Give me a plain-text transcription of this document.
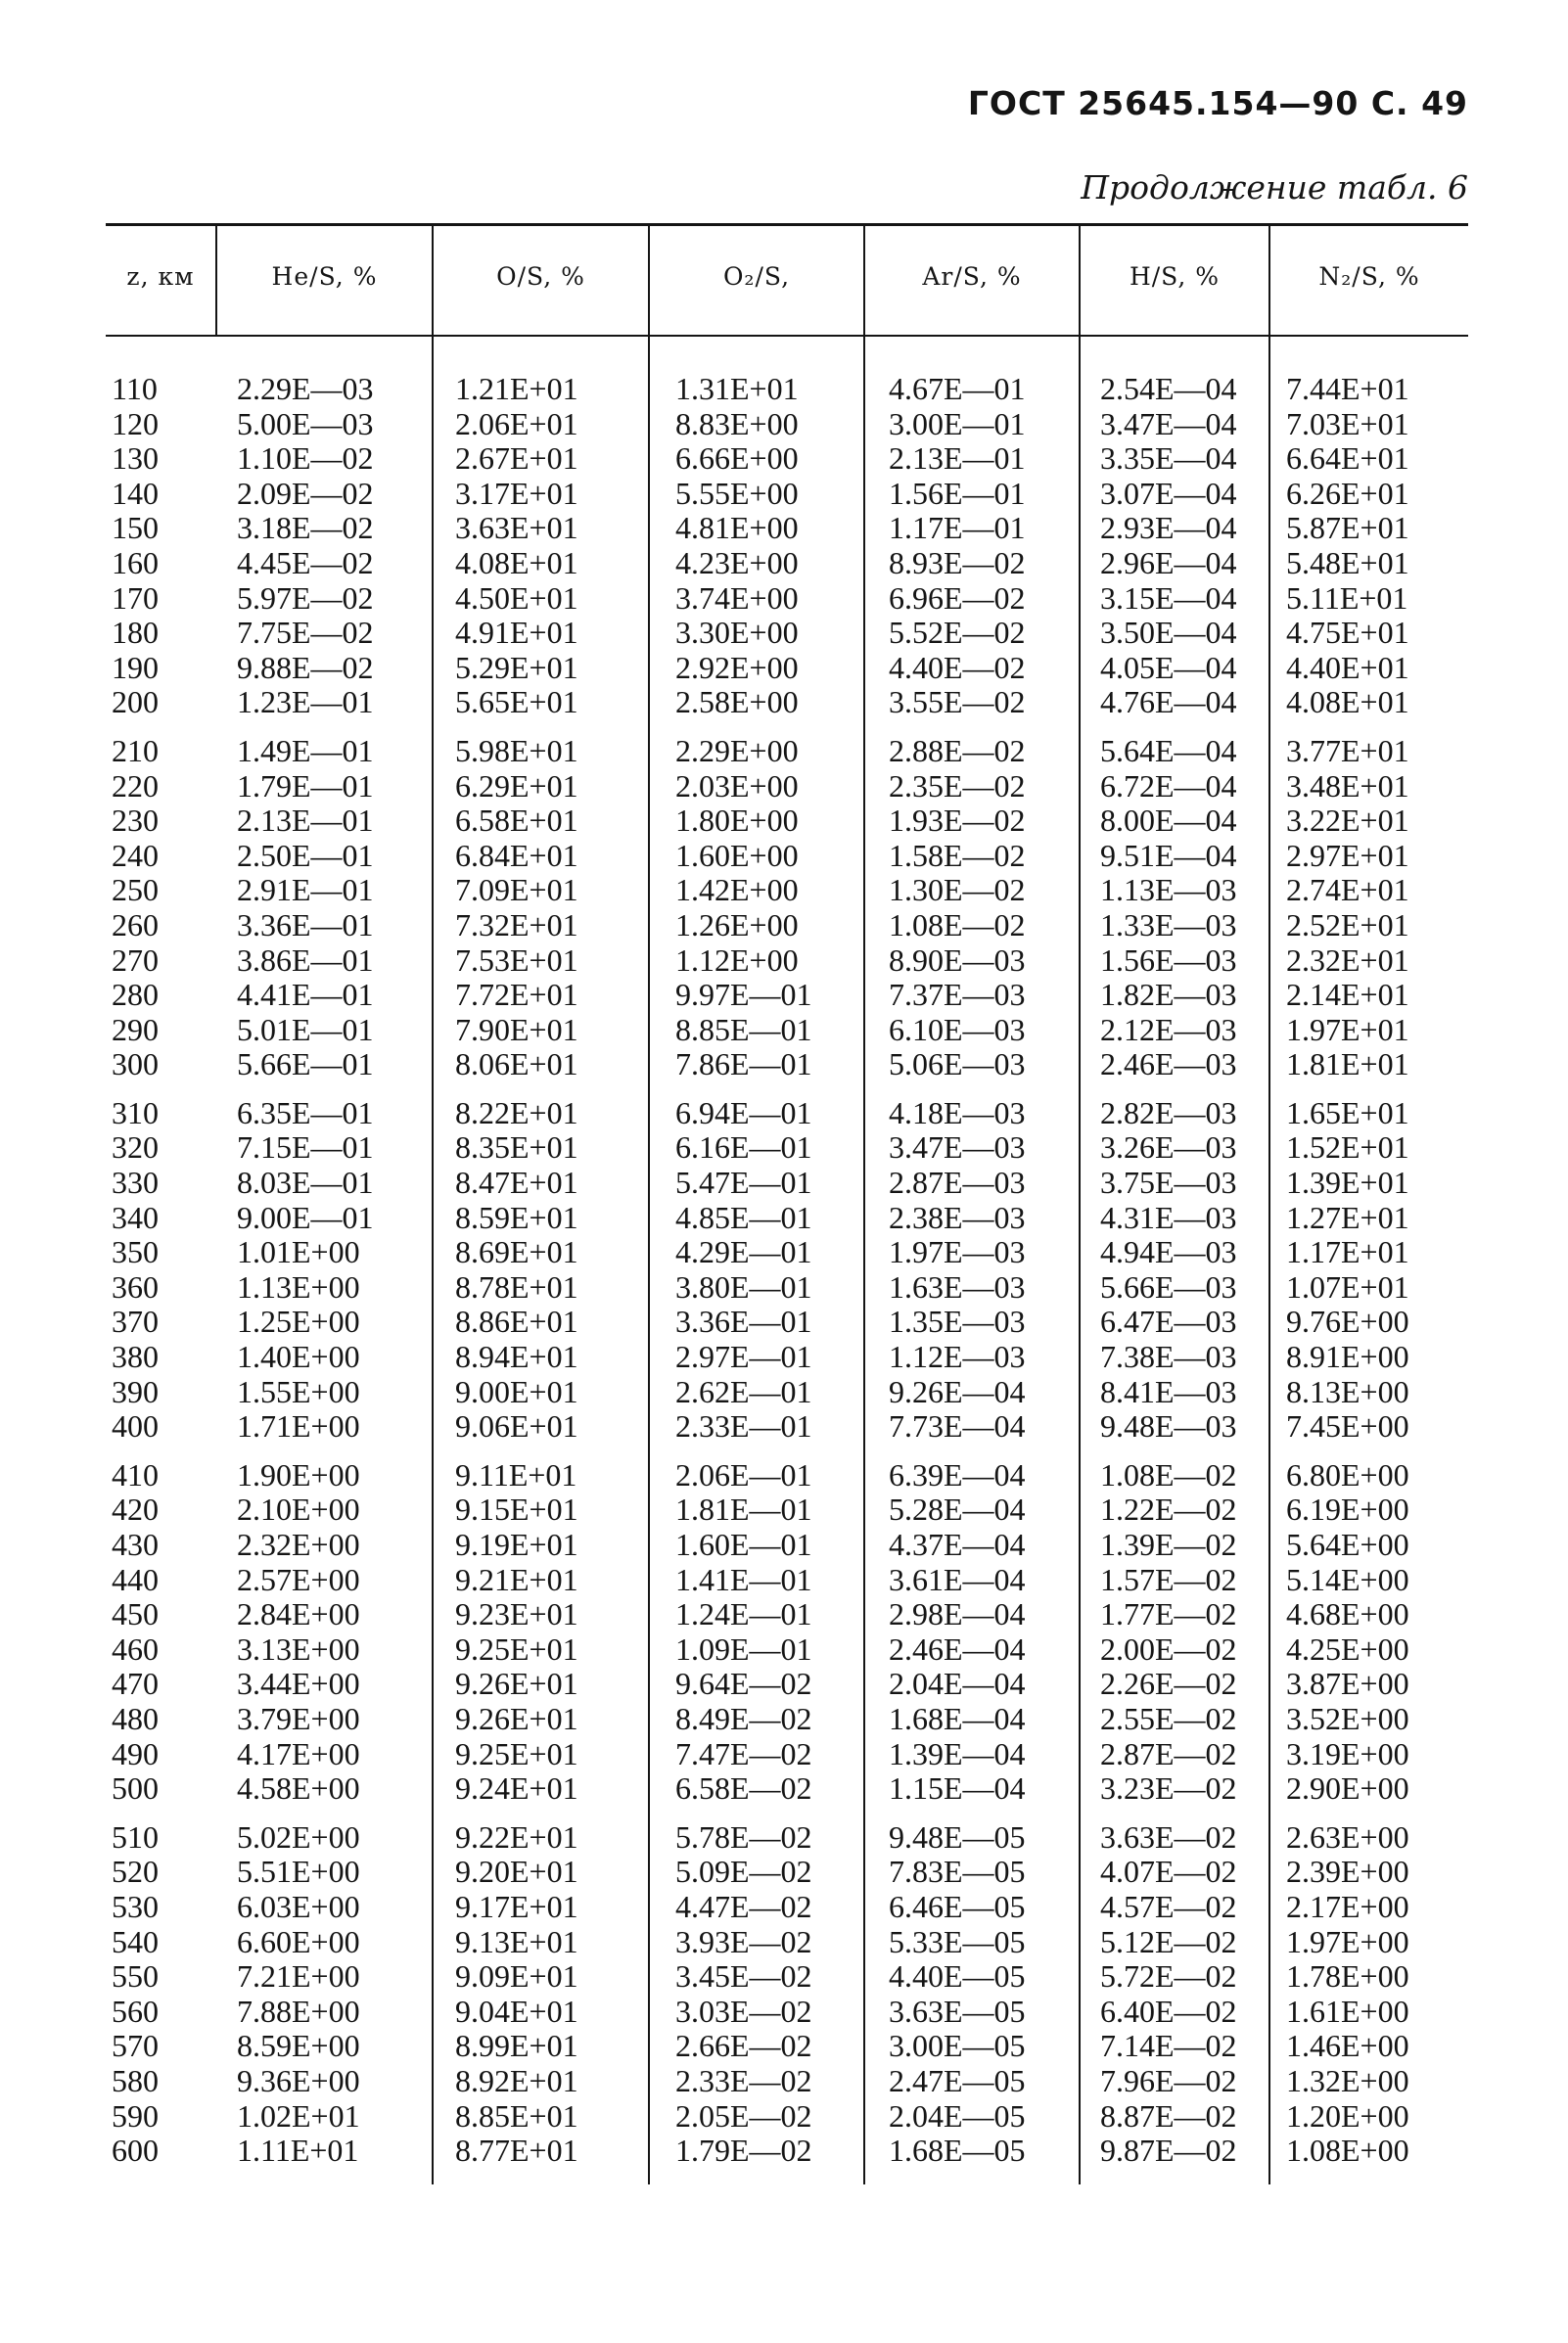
ГОСТ 25645.154—90 С. 49
Продолжение табл. 6
z, км	He/S, %	O/S, %	O₂/S,	Ar/S, %	H/S, %	N₂/S, %
110	2.29E—03	1.21E+01	1.31E+01	4.67E—01	2.54E—04	7.44E+01
120	5.00E—03	2.06E+01	8.83E+00	3.00E—01	3.47E—04	7.03E+01
130	1.10E—02	2.67E+01	6.66E+00	2.13E—01	3.35E—04	6.64E+01
140	2.09E—02	3.17E+01	5.55E+00	1.56E—01	3.07E—04	6.26E+01
150	3.18E—02	3.63E+01	4.81E+00	1.17E—01	2.93E—04	5.87E+01
160	4.45E—02	4.08E+01	4.23E+00	8.93E—02	2.96E—04	5.48E+01
170	5.97E—02	4.50E+01	3.74E+00	6.96E—02	3.15E—04	5.11E+01
180	7.75E—02	4.91E+01	3.30E+00	5.52E—02	3.50E—04	4.75E+01
190	9.88E—02	5.29E+01	2.92E+00	4.40E—02	4.05E—04	4.40E+01
200	1.23E—01	5.65E+01	2.58E+00	3.55E—02	4.76E—04	4.08E+01
210	1.49E—01	5.98E+01	2.29E+00	2.88E—02	5.64E—04	3.77E+01
220	1.79E—01	6.29E+01	2.03E+00	2.35E—02	6.72E—04	3.48E+01
230	2.13E—01	6.58E+01	1.80E+00	1.93E—02	8.00E—04	3.22E+01
240	2.50E—01	6.84E+01	1.60E+00	1.58E—02	9.51E—04	2.97E+01
250	2.91E—01	7.09E+01	1.42E+00	1.30E—02	1.13E—03	2.74E+01
260	3.36E—01	7.32E+01	1.26E+00	1.08E—02	1.33E—03	2.52E+01
270	3.86E—01	7.53E+01	1.12E+00	8.90E—03	1.56E—03	2.32E+01
280	4.41E—01	7.72E+01	9.97E—01	7.37E—03	1.82E—03	2.14E+01
290	5.01E—01	7.90E+01	8.85E—01	6.10E—03	2.12E—03	1.97E+01
300	5.66E—01	8.06E+01	7.86E—01	5.06E—03	2.46E—03	1.81E+01
310	6.35E—01	8.22E+01	6.94E—01	4.18E—03	2.82E—03	1.65E+01
320	7.15E—01	8.35E+01	6.16E—01	3.47E—03	3.26E—03	1.52E+01
330	8.03E—01	8.47E+01	5.47E—01	2.87E—03	3.75E—03	1.39E+01
340	9.00E—01	8.59E+01	4.85E—01	2.38E—03	4.31E—03	1.27E+01
350	1.01E+00	8.69E+01	4.29E—01	1.97E—03	4.94E—03	1.17E+01
360	1.13E+00	8.78E+01	3.80E—01	1.63E—03	5.66E—03	1.07E+01
370	1.25E+00	8.86E+01	3.36E—01	1.35E—03	6.47E—03	9.76E+00
380	1.40E+00	8.94E+01	2.97E—01	1.12E—03	7.38E—03	8.91E+00
390	1.55E+00	9.00E+01	2.62E—01	9.26E—04	8.41E—03	8.13E+00
400	1.71E+00	9.06E+01	2.33E—01	7.73E—04	9.48E—03	7.45E+00
410	1.90E+00	9.11E+01	2.06E—01	6.39E—04	1.08E—02	6.80E+00
420	2.10E+00	9.15E+01	1.81E—01	5.28E—04	1.22E—02	6.19E+00
430	2.32E+00	9.19E+01	1.60E—01	4.37E—04	1.39E—02	5.64E+00
440	2.57E+00	9.21E+01	1.41E—01	3.61E—04	1.57E—02	5.14E+00
450	2.84E+00	9.23E+01	1.24E—01	2.98E—04	1.77E—02	4.68E+00
460	3.13E+00	9.25E+01	1.09E—01	2.46E—04	2.00E—02	4.25E+00
470	3.44E+00	9.26E+01	9.64E—02	2.04E—04	2.26E—02	3.87E+00
480	3.79E+00	9.26E+01	8.49E—02	1.68E—04	2.55E—02	3.52E+00
490	4.17E+00	9.25E+01	7.47E—02	1.39E—04	2.87E—02	3.19E+00
500	4.58E+00	9.24E+01	6.58E—02	1.15E—04	3.23E—02	2.90E+00
510	5.02E+00	9.22E+01	5.78E—02	9.48E—05	3.63E—02	2.63E+00
520	5.51E+00	9.20E+01	5.09E—02	7.83E—05	4.07E—02	2.39E+00
530	6.03E+00	9.17E+01	4.47E—02	6.46E—05	4.57E—02	2.17E+00
540	6.60E+00	9.13E+01	3.93E—02	5.33E—05	5.12E—02	1.97E+00
550	7.21E+00	9.09E+01	3.45E—02	4.40E—05	5.72E—02	1.78E+00
560	7.88E+00	9.04E+01	3.03E—02	3.63E—05	6.40E—02	1.61E+00
570	8.59E+00	8.99E+01	2.66E—02	3.00E—05	7.14E—02	1.46E+00
580	9.36E+00	8.92E+01	2.33E—02	2.47E—05	7.96E—02	1.32E+00
590	1.02E+01	8.85E+01	2.05E—02	2.04E—05	8.87E—02	1.20E+00
600	1.11E+01	8.77E+01	1.79E—02	1.68E—05	9.87E—02	1.08E+00
